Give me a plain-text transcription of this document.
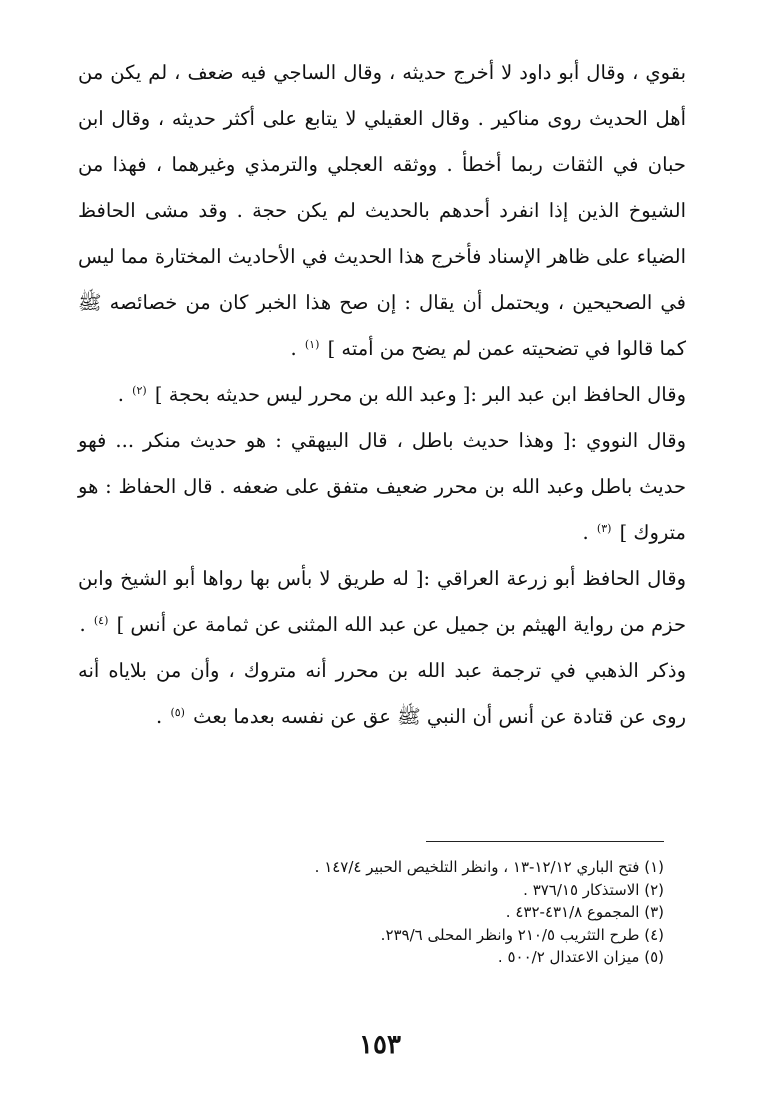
بقوي ، وقال أبو داود لا أخرج حديثه ، وقال الساجي فيه ضعف ، لم يكن من أهل الحديث روى مناكير . وقال العقيلي لا يتابع على أكثر حديثه ، وقال ابن حبان في الثقات ربما أخطأ . ووثقه العجلي والترمذي وغيرهما ، فهذا من الشيوخ الذين إذا انفرد أحدهم بالحديث لم يكن حجة . وقد مشى الحافظ الضياء على ظاهر الإسناد فأخرج هذا الحديث في الأحاديث المختارة مما ليس في الصحيحين ، ويحتمل أن يقال : إن صح هذا الخبر كان من خصائصه ﷺ كما قالوا في تضحيته عمن لم يضح من أمته ] $^{(١)}$ .

وقال الحافظ ابن عبد البر :[ وعبد الله بن محرر ليس حديثه بحجة ] $^{(٢)}$ .

وقال النووي :[ وهذا حديث باطل ، قال البيهقي : هو حديث منكر ... فهو حديث باطل وعبد الله بن محرر ضعيف متفق على ضعفه . قال الحفاظ : هو متروك ] $^{(٣)}$ .

وقال الحافظ أبو زرعة العراقي :[ له طريق لا بأس بها رواها أبو الشيخ وابن حزم من رواية الهيثم بن جميل عن عبد الله المثنى عن ثمامة عن أنس ] $^{(٤)}$ .

وذكر الذهبي في ترجمة عبد الله بن محرر أنه متروك ، وأن من بلاياه أنه روى عن قتادة عن أنس أن النبي ﷺ عق عن نفسه بعدما بعث $^{(٥)}$ .

(١) فتح الباري ١٢/١٢-١٣ ، وانظر التلخيص الحبير ١٤٧/٤ .

(٢) الاستذكار ٣٧٦/١٥ .

(٣) المجموع ٤٣١/٨-٤٣٢ .

(٤) طرح التثريب ٢١٠/٥ وانظر المحلى ٢٣٩/٦.

(٥) ميزان الاعتدال ٥٠٠/٢ .

١٥٣
